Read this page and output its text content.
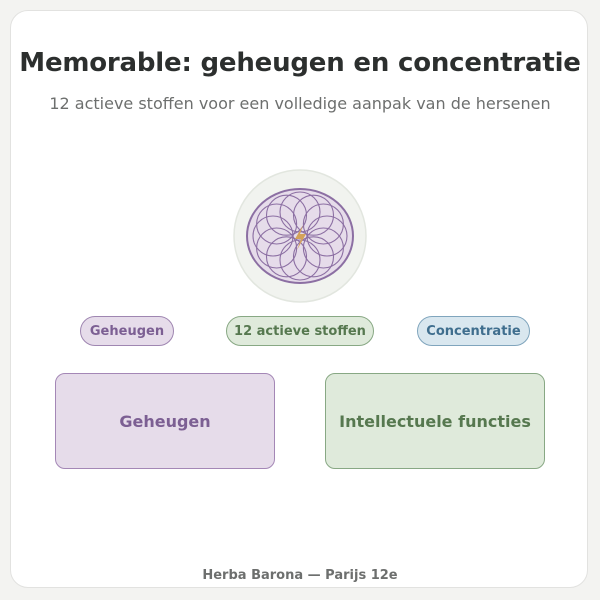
Memorable: geheugen en concentratie
12 actieve stoffen voor een volledige aanpak van de hersenen
Geheugen	12 actieve stoffen	Concentratie
Geheugen	Intellectuele functies
Herba Barona — Parijs 12e
